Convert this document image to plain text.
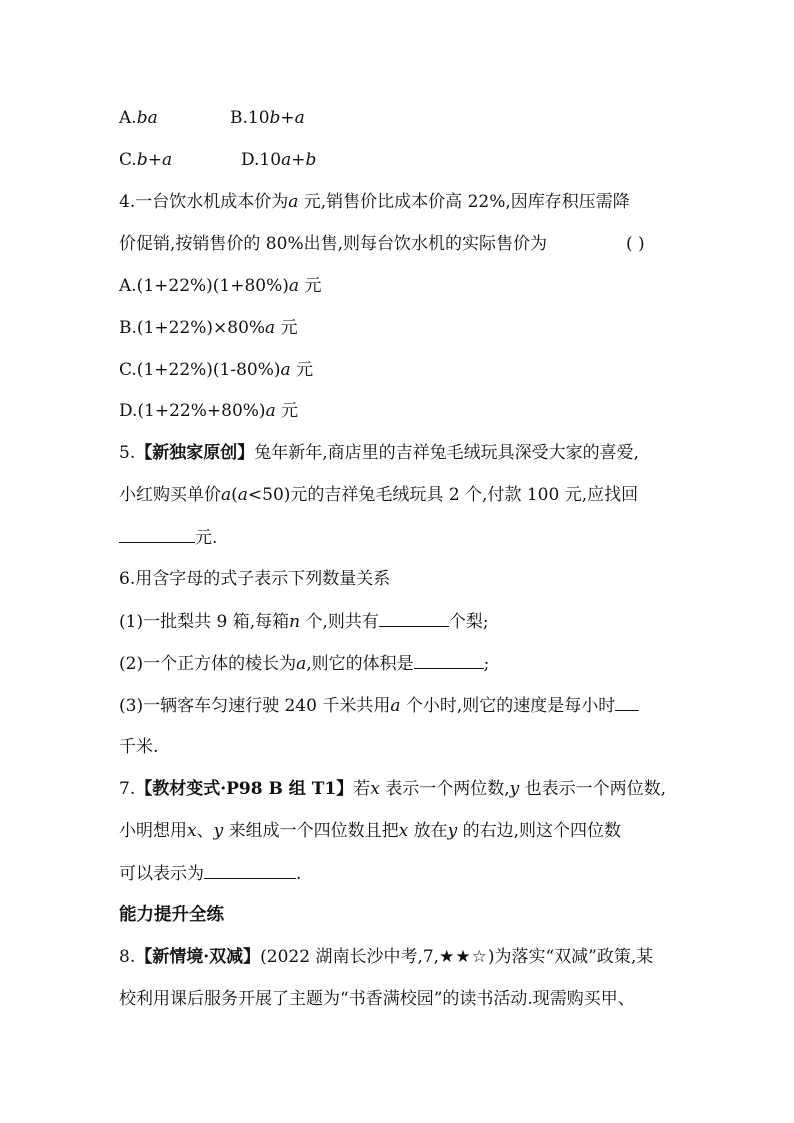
A.ba	B.10b+a
C.b+a	D.10a+b
4.一台饮水机成本价为a 元,销售价比成本价高 22%,因库存积压需降
价促销,按销售价的 80%出售,则每台饮水机的实际售价为	( )
A.(1+22%)(1+80%)a 元
B.(1+22%)×80%a 元
C.(1+22%)(1-80%)a 元
D.(1+22%+80%)a 元
5.【新独家原创】兔年新年,商店里的吉祥兔毛绒玩具深受大家的喜爱,
小红购买单价a(a<50)元的吉祥兔毛绒玩具 2 个,付款 100 元,应找回
元.
6.用含字母的式子表示下列数量关系
(1)一批梨共 9 箱,每箱n 个,则共有	个梨;
(2)一个正方体的棱长为a,则它的体积是	;
(3)一辆客车匀速行驶 240 千米共用a 个小时,则它的速度是每小时
千米.
7.【教材变式·P98 B 组 T1】若x 表示一个两位数,y 也表示一个两位数,
小明想用x、y 来组成一个四位数且把x 放在y 的右边,则这个四位数
可以表示为	.
能力提升全练
8.【新情境·双减】(2022 湖南长沙中考,7,★★☆)为落实“双减”政策,某
校利用课后服务开展了主题为“书香满校园”的读书活动.现需购买甲、
